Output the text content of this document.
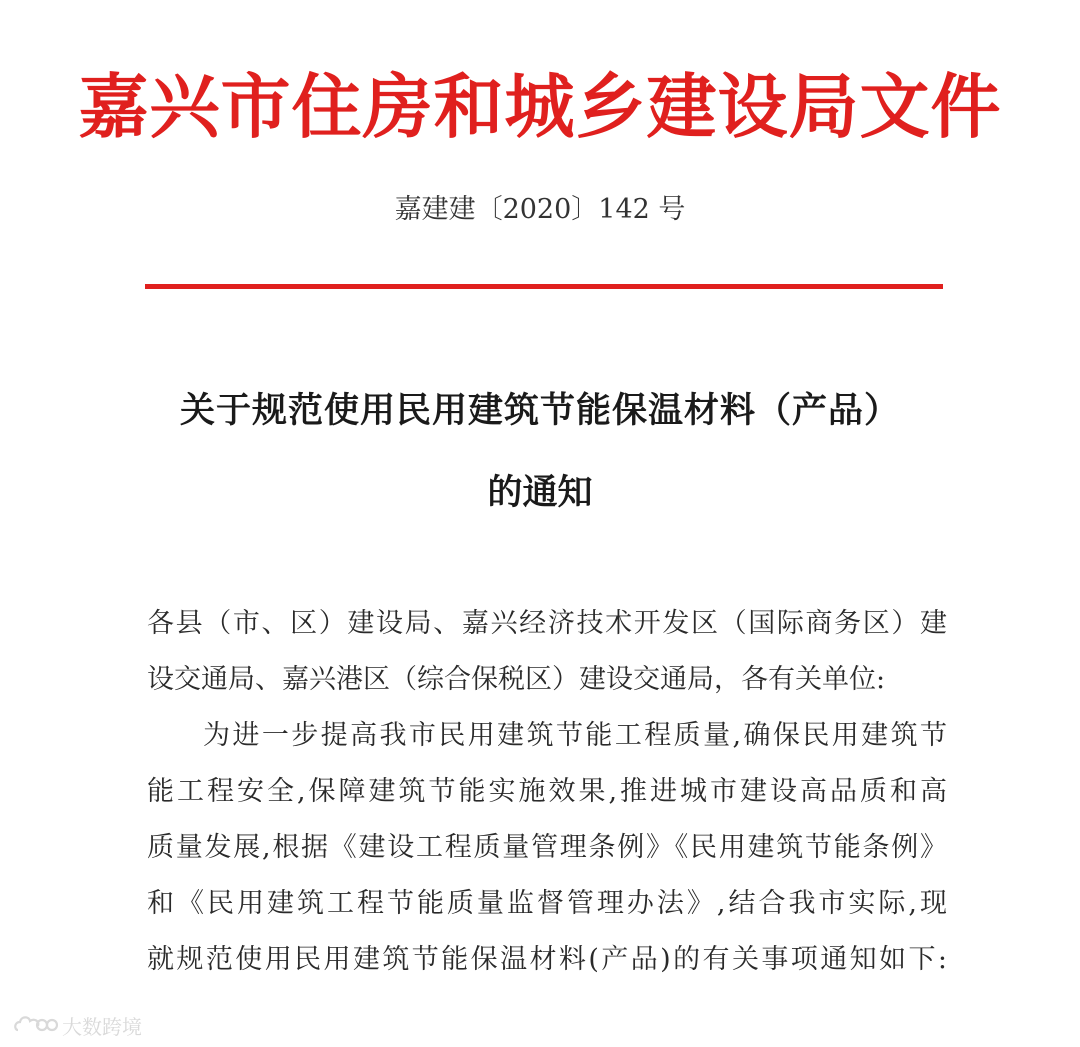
嘉兴市住房和城乡建设局文件
嘉建建〔2020〕142 号
关于规范使用民用建筑节能保温材料（产品）
的通知
各县（市、区）建设局、嘉兴经济技术开发区（国际商务区）建
设交通局、嘉兴港区（综合保税区）建设交通局，各有关单位:
为进一步提高我市民用建筑节能工程质量,确保民用建筑节
能工程安全,保障建筑节能实施效果,推进城市建设高品质和高
质量发展,根据《建设工程质量管理条例》《民用建筑节能条例》
和《民用建筑工程节能质量监督管理办法》,结合我市实际,现
就规范使用民用建筑节能保温材料(产品)的有关事项通知如下:
大数跨境
